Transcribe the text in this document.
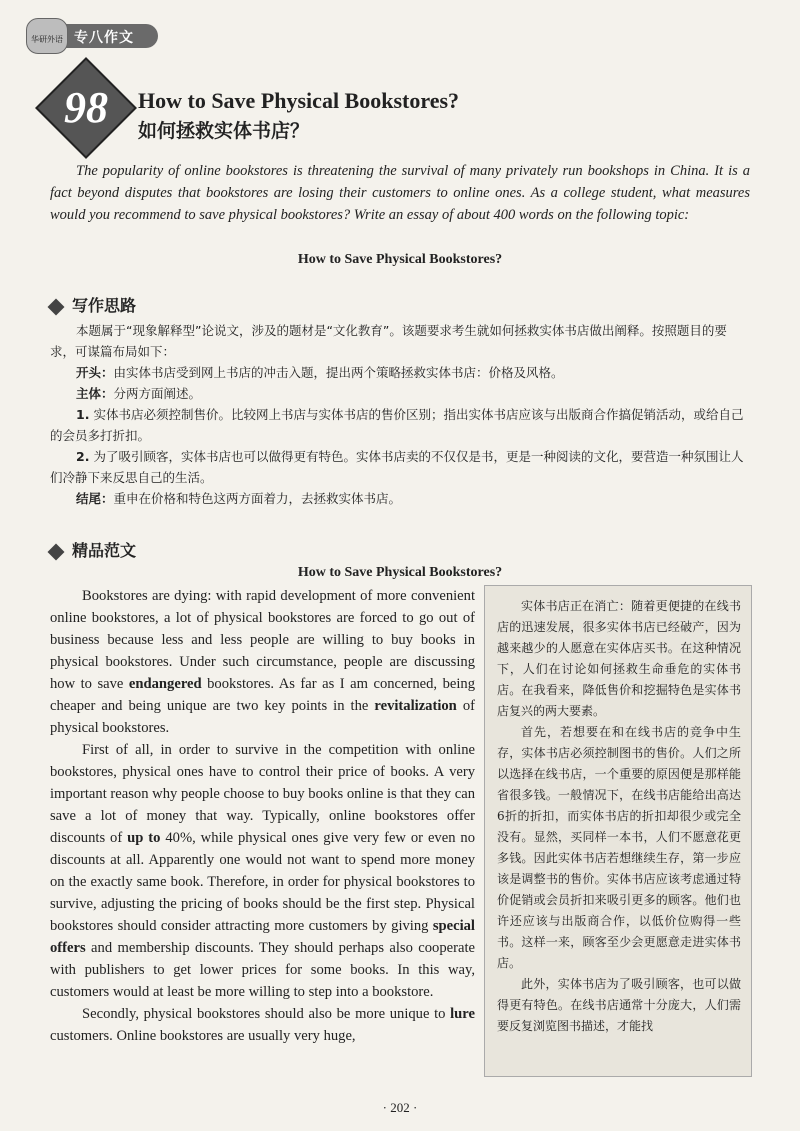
华研外语 专八作文
98	How to Save Physical Bookstores?
如何拯救实体书店？
The popularity of online bookstores is threatening the survival of many privately run bookshops in China. It is a fact beyond disputes that bookstores are losing their customers to online ones. As a college student, what measures would you recommend to save physical bookstores? Write an essay of about 400 words on the following topic:
How to Save Physical Bookstores?
写作思路

本题属于“现象解释型”论说文，涉及的题材是“文化教育”。该题要求考生就如何拯救实体书店做出阐释。按照题目的要求，可谋篇布局如下：

开头：由实体书店受到网上书店的冲击入题，提出两个策略拯救实体书店：价格及风格。

主体：分两方面阐述。

1. 实体书店必须控制售价。比较网上书店与实体书店的售价区别；指出实体书店应该与出版商合作搞促销活动，或给自己的会员多打折扣。

2. 为了吸引顾客，实体书店也可以做得更有特色。实体书店卖的不仅仅是书，更是一种阅读的文化，要营造一种氛围让人们冷静下来反思自己的生活。

结尾：重申在价格和特色这两方面着力，去拯救实体书店。

精品范文
How to Save Physical Bookstores?

Bookstores are dying: with rapid development of more convenient online bookstores, a lot of physical bookstores are forced to go out of business because less and less people are willing to buy books in physical bookstores. Under such circumstance, people are discussing how to save endangered bookstores. As far as I am concerned, being cheaper and being unique are two key points in the revitalization of physical bookstores.

First of all, in order to survive in the competition with online bookstores, physical ones have to control their price of books. A very important reason why people choose to buy books online is that they can save a lot of money that way. Typically, online bookstores offer discounts of up to 40%, while physical ones give very few or even no discounts at all. Apparently one would not want to spend more money on the exactly same book. Therefore, in order for physical bookstores to survive, adjusting the pricing of books should be the first step. Physical bookstores should consider attracting more customers by giving special offers and membership discounts. They should perhaps also cooperate with publishers to get lower prices for some books. In this way, customers would at least be more willing to step into a bookstore.

Secondly, physical bookstores should also be more unique to lure customers. Online bookstores are usually very huge,

实体书店正在消亡：随着更便捷的在线书店的迅速发展，很多实体书店已经破产，因为越来越少的人愿意在实体店买书。在这种情况下，人们在讨论如何拯救生命垂危的实体书店。在我看来，降低售价和挖掘特色是实体书店复兴的两大要素。

首先，若想要在和在线书店的竞争中生存，实体书店必须控制图书的售价。人们之所以选择在线书店，一个重要的原因便是那样能省很多钱。一般情况下，在线书店能给出高达6折的折扣，而实体书店的折扣却很少或完全没有。显然，买同样一本书，人们不愿意花更多钱。因此实体书店若想继续生存，第一步应该是调整书的售价。实体书店应该考虑通过特价促销或会员折扣来吸引更多的顾客。他们也许还应该与出版商合作，以低价位购得一些书。这样一来，顾客至少会更愿意走进实体书店。

此外，实体书店为了吸引顾客，也可以做得更有特色。在线书店通常十分庞大，人们需要反复浏览图书描述，才能找

· 202 ·
